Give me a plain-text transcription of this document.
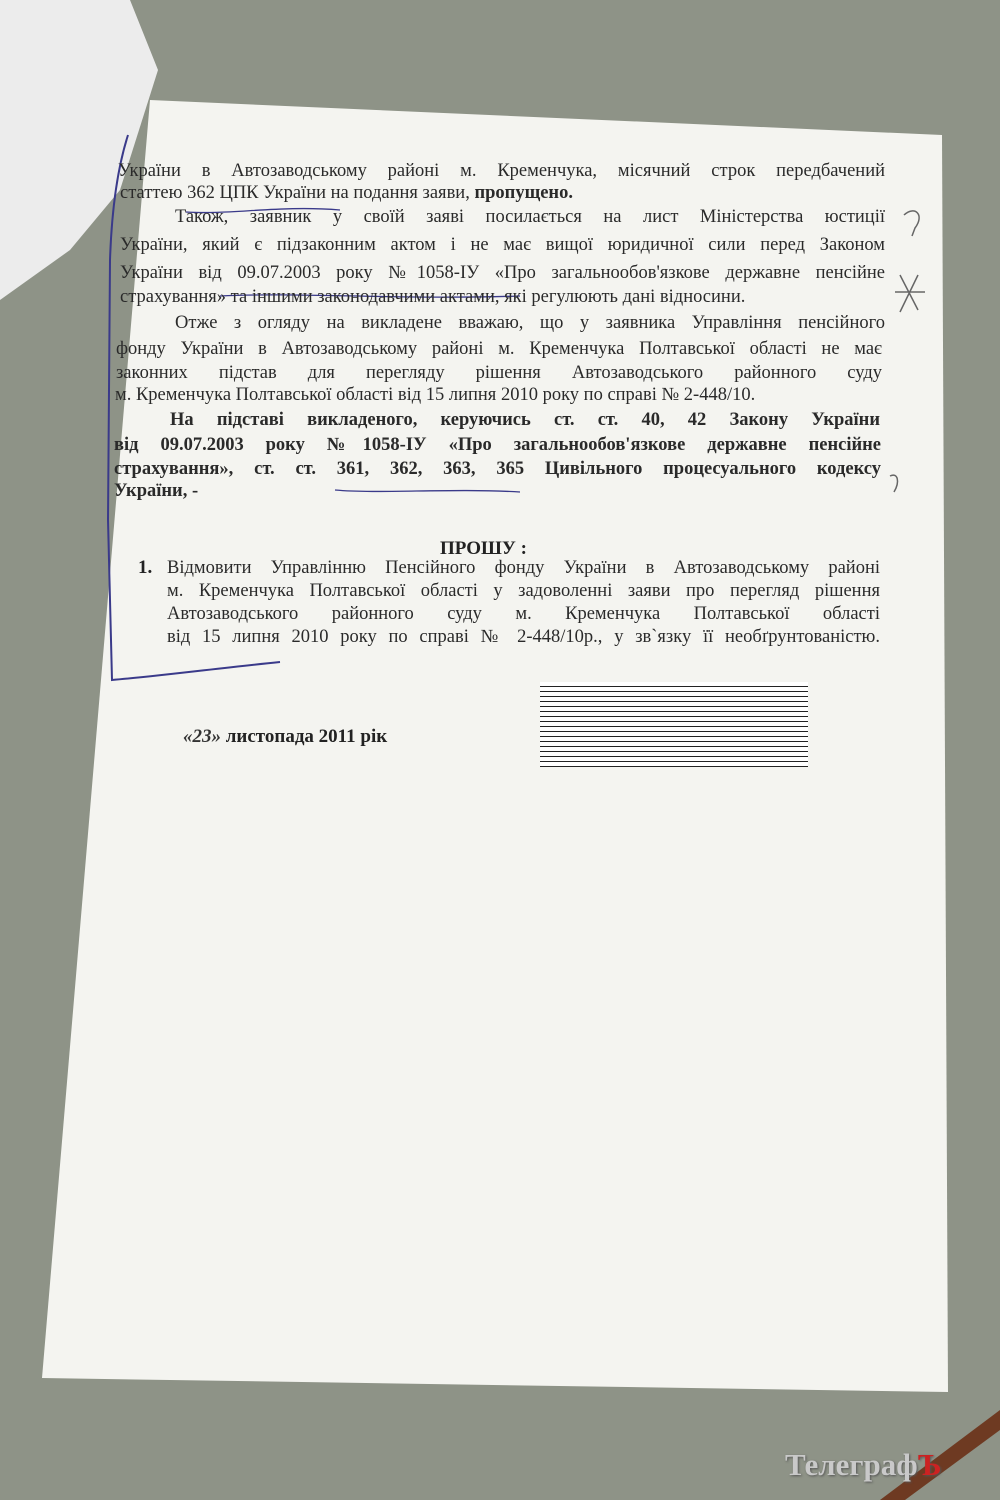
України в Автозаводському районі м. Кременчука, місячний строк передбачений
статтею 362 ЦПК України на подання заяви, пропущено.
Також, заявник у своїй заяві посилається на лист Міністерства юстиції
України, який є підзаконним актом і не має вищої юридичної сили перед Законом
України від 09.07.2003 року №1058-ІУ «Про загальнообов'язкове державне пенсійне
страхування» та іншими законодавчими актами, які регулюють дані відносини.
Отже з огляду на викладене вважаю, що у заявника Управління пенсійного
фонду України в Автозаводському районі м. Кременчука Полтавської області не має
законних підстав для перегляду рішення Автозаводського районного суду
м. Кременчука Полтавської області від 15 липня 2010 року по справі № 2-448/10.
На підставі викладеного, керуючись ст. ст. 40, 42 Закону України
від 09.07.2003 року №1058-ІУ «Про загальнообов'язкове державне пенсійне
страхування», ст. ст. 361, 362, 363, 365 Цивільного процесуального кодексу
України, -
ПРОШУ :
1. Відмовити Управлінню Пенсійного фонду України в Автозаводському районі
м. Кременчука Полтавської області у задоволенні заяви про перегляд рішення
Автозаводського районного суду м. Кременчука Полтавської області
від 15 липня 2010 року по справі № 2-448/10р., у зв`язку її необґрунтованістю.
«23» листопада 2011 рік
ТелеграфЪ
